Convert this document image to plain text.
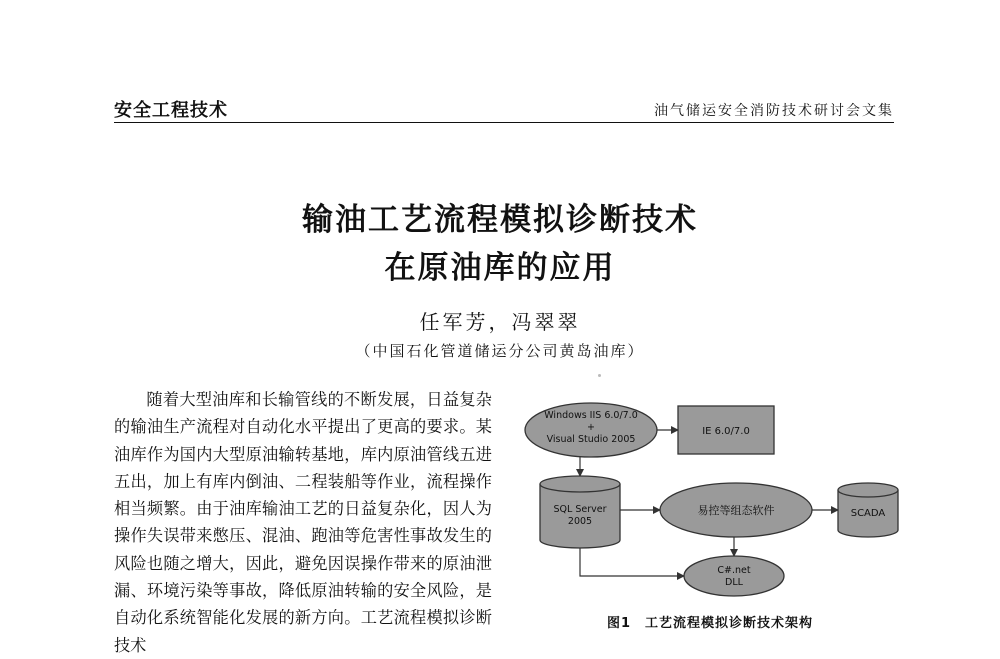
安全工程技术	油气储运安全消防技术研讨会文集
输油工艺流程模拟诊断技术
在原油库的应用
任军芳，冯翠翠
（中国石化管道储运分公司黄岛油库）

随着大型油库和长输管线的不断发展，日益复杂的输油生产流程对自动化水平提出了更高的要求。某油库作为国内大型原油输转基地，库内原油管线五进五出，加上有库内倒油、二程装船等作业，流程操作相当频繁。由于油库输油工艺的日益复杂化，因人为操作失误带来憋压、混油、跑油等危害性事故发生的风险也随之增大，因此，避免因误操作带来的原油泄漏、环境污染等事故，降低原油转输的安全风险，是自动化系统智能化发展的新方向。工艺流程模拟诊断技术

Windows IIS 6.0/7.0
+
Visual Studio 2005
IE 6.0/7.0
SQL Server
2005
易控等组态软件	SCADA
C#.net
DLL
图1　工艺流程模拟诊断技术架构
